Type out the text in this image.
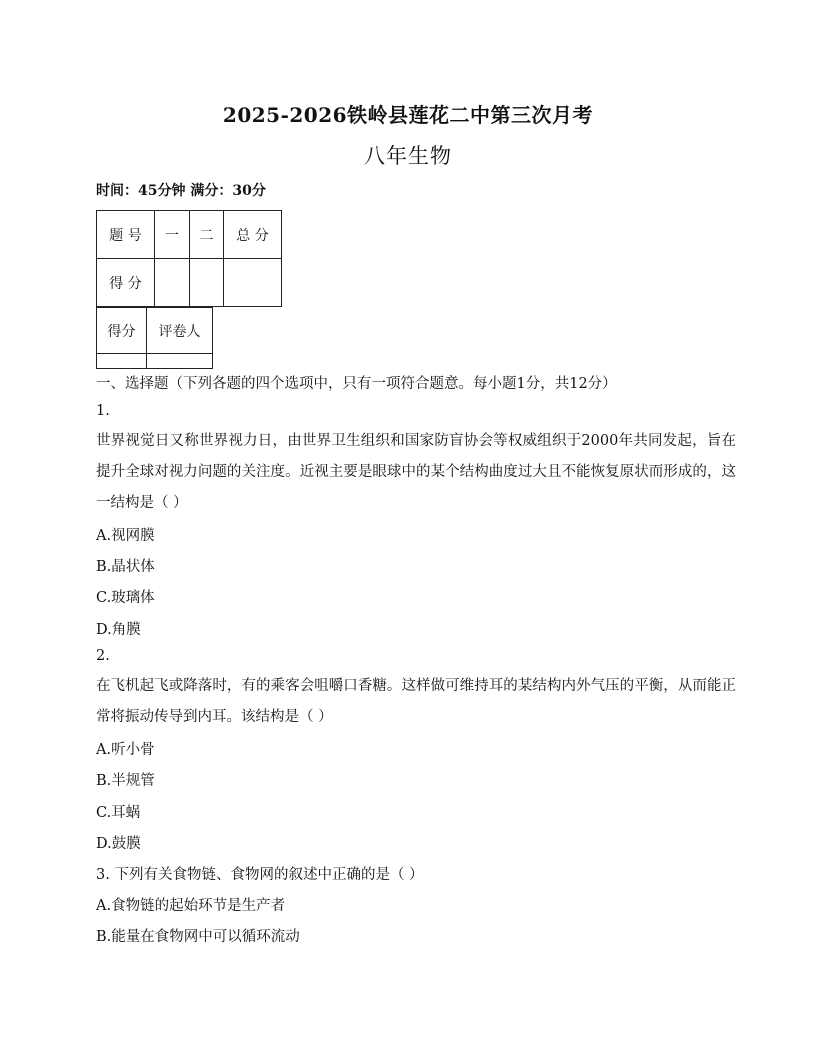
2025-2026铁岭县莲花二中第三次月考
八年生物
时间：45分钟 满分：30分
题 号	一	二	总 分
得 分			
得分	评卷人

一、选择题（下列各题的四个选项中，只有一项符合题意。每小题1分，共12分）
1.
世界视觉日又称世界视力日，由世界卫生组织和国家防盲协会等权威组织于2000年共同发起，旨在提升全球对视力问题的关注度。近视主要是眼球中的某个结构曲度过大且不能恢复原状而形成的，这一结构是（ ）
A.视网膜
B.晶状体
C.玻璃体
D.角膜
2.
在飞机起飞或降落时，有的乘客会咀嚼口香糖。这样做可维持耳的某结构内外气压的平衡，从而能正常将振动传导到内耳。该结构是（ ）
A.听小骨
B.半规管
C.耳蜗
D.鼓膜
3. 下列有关食物链、食物网的叙述中正确的是（ ）
A.食物链的起始环节是生产者
B.能量在食物网中可以循环流动
